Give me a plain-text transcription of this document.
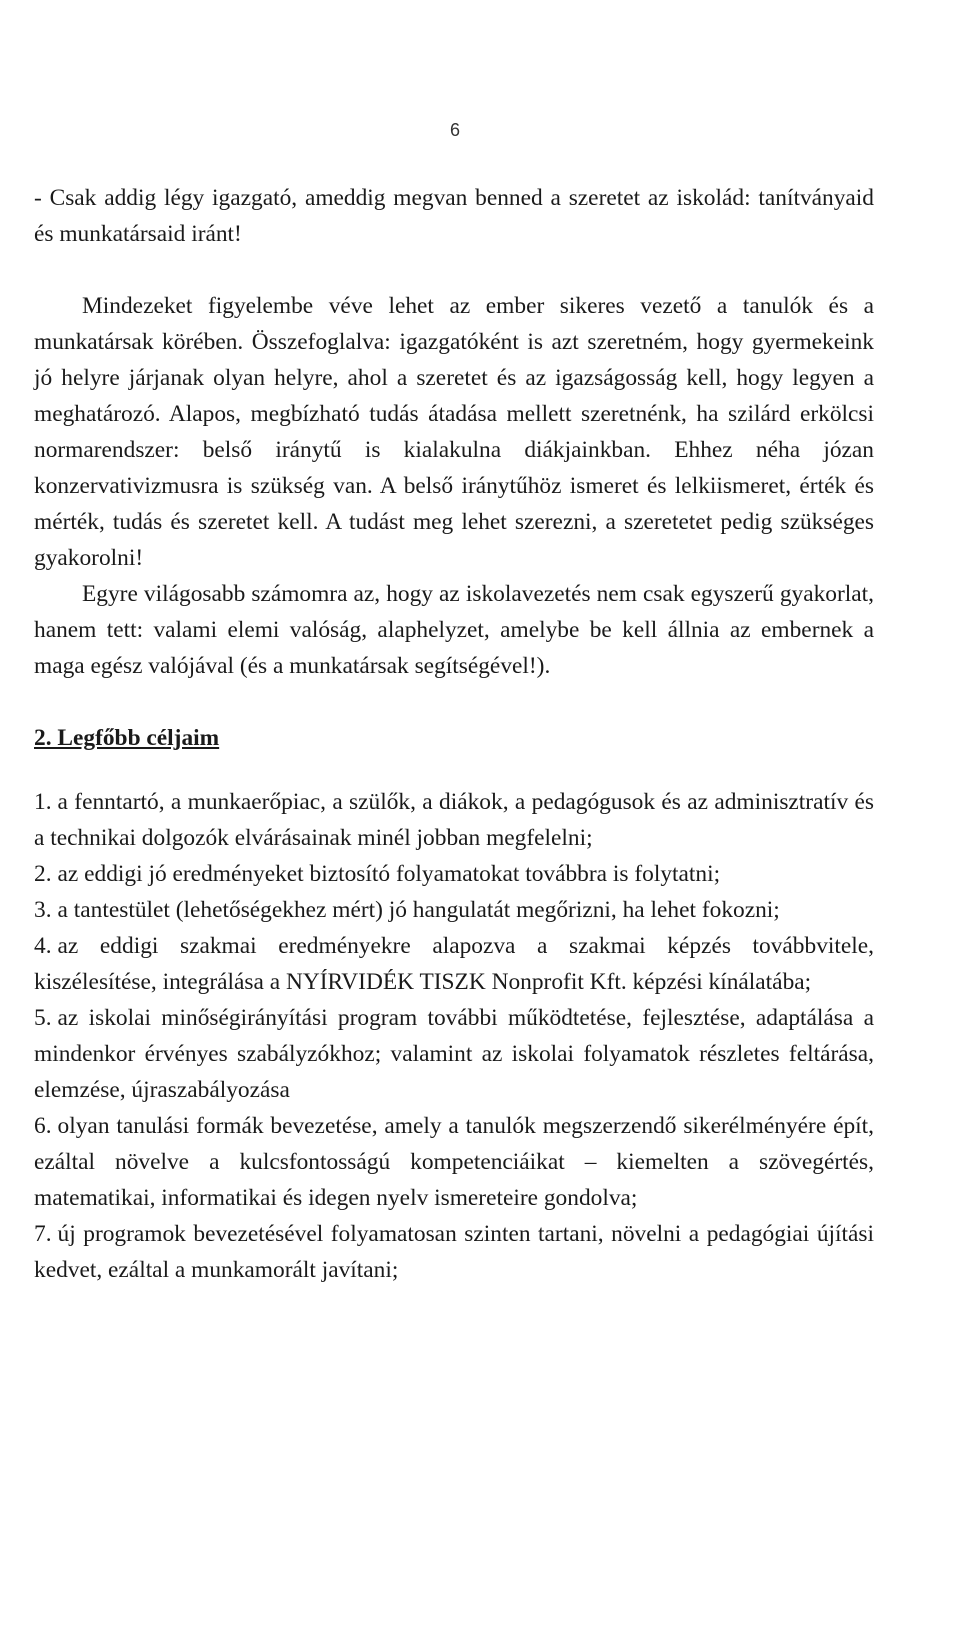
6

- Csak addig légy igazgató, ameddig megvan benned a szeretet az iskolád: tanítványaid és munkatársaid iránt!

Mindezeket figyelembe véve lehet az ember sikeres vezető a tanulók és a munkatársak körében. Összefoglalva: igazgatóként is azt szeretném, hogy gyermekeink jó helyre járjanak olyan helyre, ahol a szeretet és az igazságosság kell, hogy legyen a meghatározó. Alapos, megbízható tudás átadása mellett szeretnénk, ha szilárd erkölcsi normarendszer: belső iránytű is kialakulna diákjainkban. Ehhez néha józan konzervativizmusra is szükség van. A belső iránytűhöz ismeret és lelkiismeret, érték és mérték, tudás és szeretet kell. A tudást meg lehet szerezni, a szeretetet pedig szükséges gyakorolni!

Egyre világosabb számomra az, hogy az iskolavezetés nem csak egyszerű gyakorlat, hanem tett: valami elemi valóság, alaphelyzet, amelybe be kell állnia az embernek a maga egész valójával (és a munkatársak segítségével!).

2. Legfőbb céljaim
1. a fenntartó, a munkaerőpiac, a szülők, a diákok, a pedagógusok és az adminisztratív és a technikai dolgozók elvárásainak minél jobban megfelelni;
2. az eddigi jó eredményeket biztosító folyamatokat továbbra is folytatni;
3. a tantestület (lehetőségekhez mért) jó hangulatát megőrizni, ha lehet fokozni;
4. az eddigi szakmai eredményekre alapozva a szakmai képzés továbbvitele, kiszélesítése, integrálása a NYÍRVIDÉK TISZK Nonprofit Kft. képzési kínálatába;
5. az iskolai minőségirányítási program további működtetése, fejlesztése, adaptálása a mindenkor érvényes szabályzókhoz; valamint az iskolai folyamatok részletes feltárása, elemzése, újraszabályozása
6. olyan tanulási formák bevezetése, amely a tanulók megszerzendő sikerélményére épít, ezáltal növelve a kulcsfontosságú kompetenciáikat – kiemelten a szövegértés, matematikai, informatikai és idegen nyelv ismereteire gondolva;
7. új programok bevezetésével folyamatosan szinten tartani, növelni a pedagógiai újítási kedvet, ezáltal a munkamorált javítani;
